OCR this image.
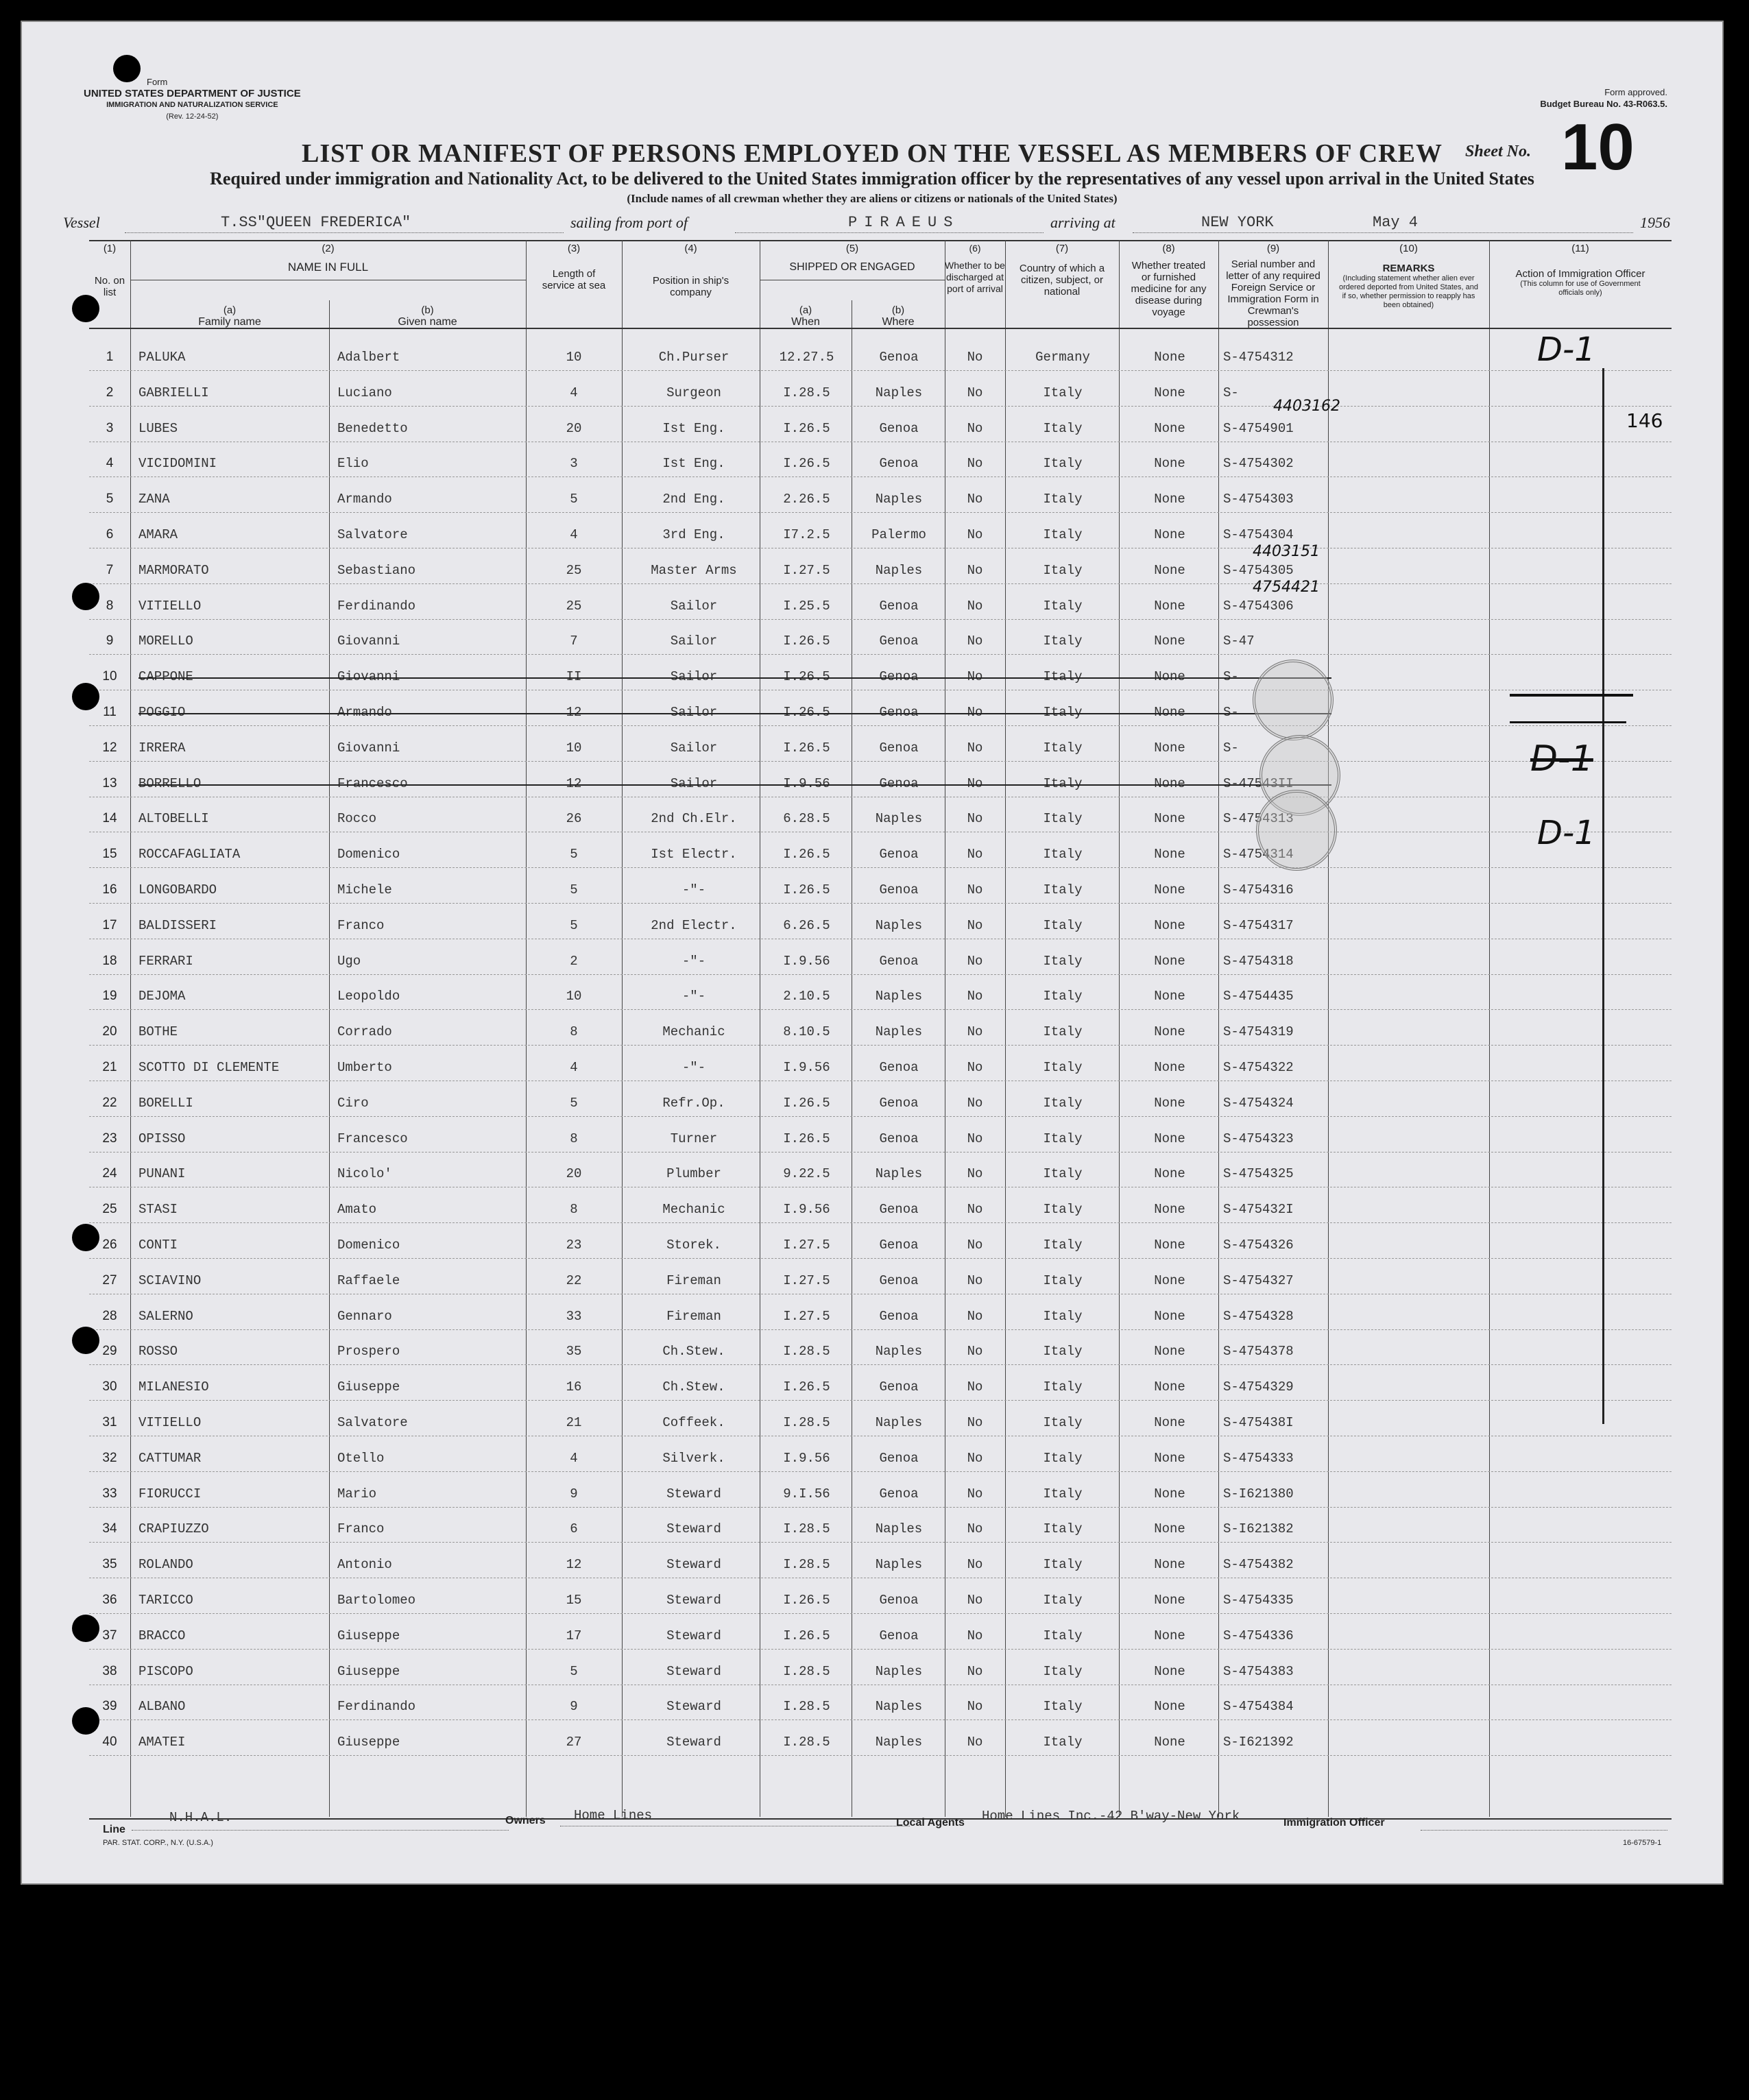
Form
UNITED STATES DEPARTMENT OF JUSTICE
IMMIGRATION AND NATURALIZATION SERVICE
(Rev. 12-24-52)
Form approved.
Budget Bureau No. 43-R063.5.
LIST OR MANIFEST OF PERSONS EMPLOYED ON THE VESSEL AS MEMBERS OF CREW	Sheet No. 10
Required under immigration and Nationality Act, to be delivered to the United States immigration officer by the representatives of any vessel upon arrival in the United States
(Include names of all crewman whether they are aliens or citizens or nationals of the United States)
Vessel	T.SS"QUEEN FREDERICA"	sailing from port of	PIRAEUS	arriving at	NEW YORK	May 4	1956
(1)
No. on list
(2)
NAME IN FULL
(a)
Family name
(b)
Given name
(3)
Length of service at sea
(4)
Position in ship's company
(5)
SHIPPED OR ENGAGED
(a)
When
(b)
Where
(6)
Whether to be discharged at port of arrival
(7)
Country of which a citizen, subject, or national
(8)
Whether treated or furnished medicine for any disease during voyage
(9)
Serial number and letter of any required Foreign Service or Immigration Form in Crewman's possession
(10)
REMARKS
(Including statement whether alien ever ordered deported from United States, and if so, whether permission to reapply has been obtained)
(11)
Action of Immigration Officer
(This column for use of Government officials only)
1	PALUKA	Adalbert	10	Ch.Purser	12.27.5	Genoa	No	Germany	None	S-4754312
2	GABRIELLI	Luciano	4	Surgeon	I.28.5	Naples	No	Italy	None	S-
3	LUBES	Benedetto	20	Ist Eng.	I.26.5	Genoa	No	Italy	None	S-4754901
4	VICIDOMINI	Elio	3	Ist Eng.	I.26.5	Genoa	No	Italy	None	S-4754302
5	ZANA	Armando	5	2nd Eng.	2.26.5	Naples	No	Italy	None	S-4754303
6	AMARA	Salvatore	4	3rd Eng.	I7.2.5	Palermo	No	Italy	None	S-4754304
7	MARMORATO	Sebastiano	25	Master Arms	I.27.5	Naples	No	Italy	None	S-4754305
8	VITIELLO	Ferdinando	25	Sailor	I.25.5	Genoa	No	Italy	None	S-4754306
9	MORELLO	Giovanni	7	Sailor	I.26.5	Genoa	No	Italy	None	S-47
10	CAPPONE	Giovanni	II	Sailor	I.26.5	Genoa	No	Italy	None	S-
11	POGGIO	Armando	12	Sailor	I.26.5	Genoa	No	Italy	None	S-
12	IRRERA	Giovanni	10	Sailor	I.26.5	Genoa	No	Italy	None	S-
13	BORRELLO	Francesco	12	Sailor	I.9.56	Genoa	No	Italy	None	S-47543II
14	ALTOBELLI	Rocco	26	2nd Ch.Elr.	6.28.5	Naples	No	Italy	None	S-4754313
15	ROCCAFAGLIATA	Domenico	5	Ist Electr.	I.26.5	Genoa	No	Italy	None	S-4754314
16	LONGOBARDO	Michele	5	-"-	I.26.5	Genoa	No	Italy	None	S-4754316
17	BALDISSERI	Franco	5	2nd Electr.	6.26.5	Naples	No	Italy	None	S-4754317
18	FERRARI	Ugo	2	-"-	I.9.56	Genoa	No	Italy	None	S-4754318
19	DEJOMA	Leopoldo	10	-"-	2.10.5	Naples	No	Italy	None	S-4754435
20	BOTHE	Corrado	8	Mechanic	8.10.5	Naples	No	Italy	None	S-4754319
21	SCOTTO DI CLEMENTE	Umberto	4	-"-	I.9.56	Genoa	No	Italy	None	S-4754322
22	BORELLI	Ciro	5	Refr.Op.	I.26.5	Genoa	No	Italy	None	S-4754324
23	OPISSO	Francesco	8	Turner	I.26.5	Genoa	No	Italy	None	S-4754323
24	PUNANI	Nicolo'	20	Plumber	9.22.5	Naples	No	Italy	None	S-4754325
25	STASI	Amato	8	Mechanic	I.9.56	Genoa	No	Italy	None	S-475432I
26	CONTI	Domenico	23	Storek.	I.27.5	Genoa	No	Italy	None	S-4754326
27	SCIAVINO	Raffaele	22	Fireman	I.27.5	Genoa	No	Italy	None	S-4754327
28	SALERNO	Gennaro	33	Fireman	I.27.5	Genoa	No	Italy	None	S-4754328
29	ROSSO	Prospero	35	Ch.Stew.	I.28.5	Naples	No	Italy	None	S-4754378
30	MILANESIO	Giuseppe	16	Ch.Stew.	I.26.5	Genoa	No	Italy	None	S-4754329
31	VITIELLO	Salvatore	21	Coffeek.	I.28.5	Naples	No	Italy	None	S-475438I
32	CATTUMAR	Otello	4	Silverk.	I.9.56	Genoa	No	Italy	None	S-4754333
33	FIORUCCI	Mario	9	Steward	9.I.56	Genoa	No	Italy	None	S-I621380
34	CRAPIUZZO	Franco	6	Steward	I.28.5	Naples	No	Italy	None	S-I621382
35	ROLANDO	Antonio	12	Steward	I.28.5	Naples	No	Italy	None	S-4754382
36	TARICCO	Bartolomeo	15	Steward	I.26.5	Genoa	No	Italy	None	S-4754335
37	BRACCO	Giuseppe	17	Steward	I.26.5	Genoa	No	Italy	None	S-4754336
38	PISCOPO	Giuseppe	5	Steward	I.28.5	Naples	No	Italy	None	S-4754383
39	ALBANO	Ferdinando	9	Steward	I.28.5	Naples	No	Italy	None	S-4754384
40	AMATEI	Giuseppe	27	Steward	I.28.5	Naples	No	Italy	None	S-I621392
D-1
146
4403162
4403151
4754421
D-1
D-1
Line
N.H.A.L.	Owners Home Lines	Local Agents Home Lines Inc.-42 B'way-New York	Immigration Officer
PAR. STAT. CORP., N.Y. (U.S.A.)	16-67579-1
